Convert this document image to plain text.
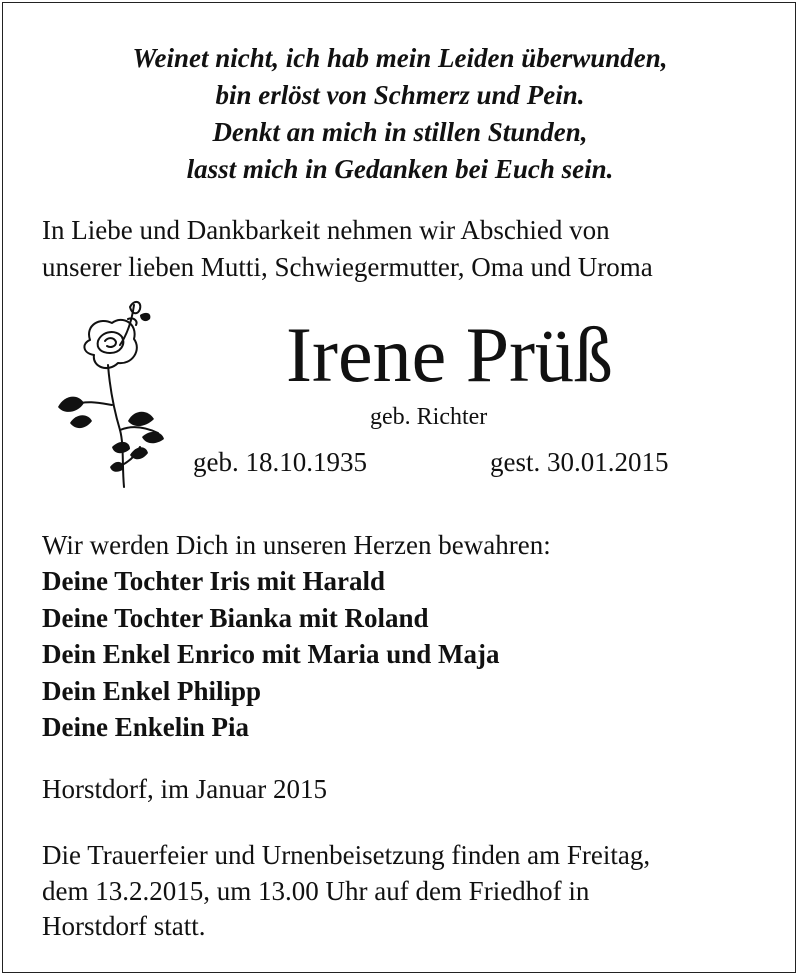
Weinet nicht, ich hab mein Leiden überwunden,
bin erlöst von Schmerz und Pein.
Denkt an mich in stillen Stunden,
lasst mich in Gedanken bei Euch sein.
In Liebe und Dankbarkeit nehmen wir Abschied von
unserer lieben Mutti, Schwiegermutter, Oma und Uroma
Irene Prüß
geb. Richter
geb. 18.10.1935	gest. 30.01.2015
Wir werden Dich in unseren Herzen bewahren:
Deine Tochter Iris mit Harald
Deine Tochter Bianka mit Roland
Dein Enkel Enrico mit Maria und Maja
Dein Enkel Philipp
Deine Enkelin Pia
Horstdorf, im Januar 2015
Die Trauerfeier und Urnenbeisetzung finden am Freitag,
dem 13.2.2015, um 13.00 Uhr auf dem Friedhof in
Horstdorf statt.
